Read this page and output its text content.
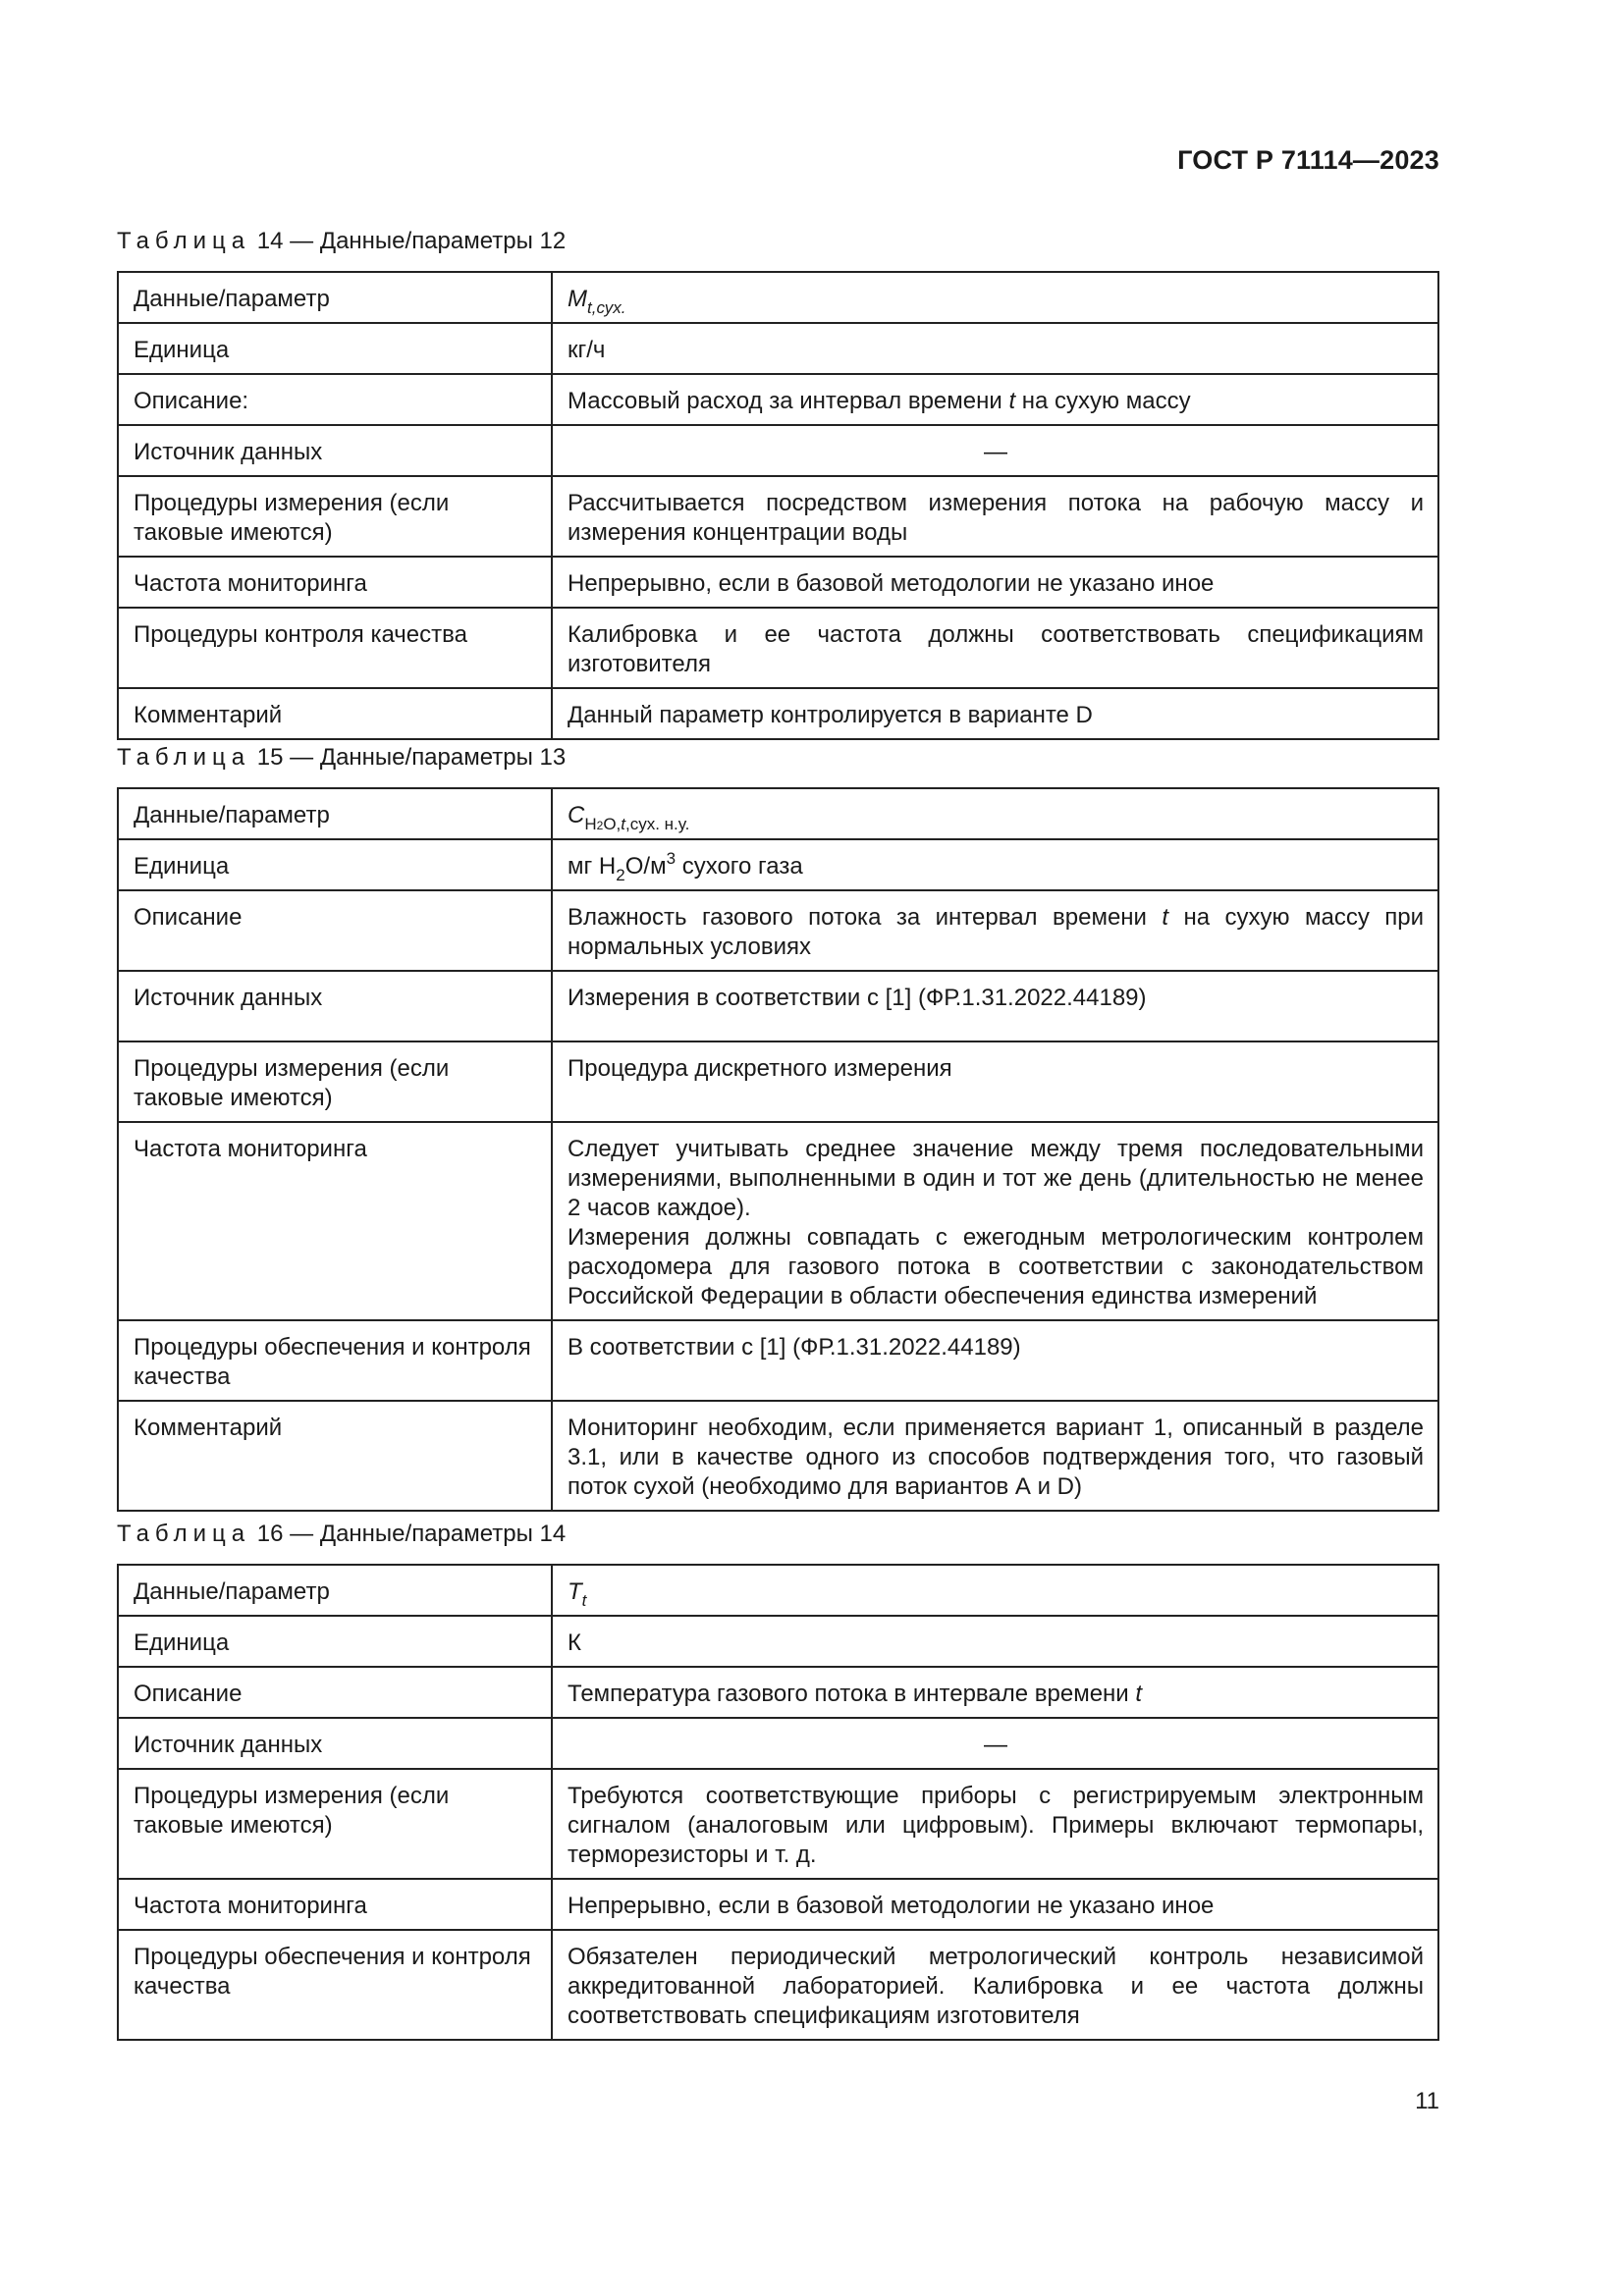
ГОСТ Р 71114—2023
Таблица 14 — Данные/параметры 12
Данные/параметр	$M_{t,сух.}$
Единица	кг/ч
Описание:	Массовый расход за интервал времени t на сухую массу
Источник данных	—
Процедуры измерения (если таковые имеются)	Рассчитывается посредством измерения потока на рабочую массу и измерения концентрации воды
Частота мониторинга	Непрерывно, если в базовой методологии не указано иное
Процедуры контроля качества	Калибровка и ее частота должны соответствовать спецификациям изготовителя
Комментарий	Данный параметр контролируется в варианте D
Таблица 15 — Данные/параметры 13
Данные/параметр	$C_{H2O,t,сух. н.у.}$
Единица	мг $H_2O/м^3$ сухого газа
Описание	Влажность газового потока за интервал времени t на сухую массу при нормальных условиях
Источник данных	Измерения в соответствии с [1] (ФР.1.31.2022.44189)
Процедуры измерения (если таковые имеются)	Процедура дискретного измерения
Частота мониторинга	Следует учитывать среднее значение между тремя последовательными измерениями, выполненными в один и тот же день (длительностью не менее 2 часов каждое).
Измерения должны совпадать с ежегодным метрологическим контролем расходомера для газового потока в соответствии с законодательством Российской Федерации в области обеспечения единства измерений

Процедуры обеспечения и контроля качества	В соответствии с [1] (ФР.1.31.2022.44189)
Комментарий	Мониторинг необходим, если применяется вариант 1, описанный в разделе 3.1, или в качестве одного из способов подтверждения того, что газовый поток сухой (необходимо для вариантов А и D)
Таблица 16 — Данные/параметры 14
Данные/параметр	$T_t$
Единица	К
Описание	Температура газового потока в интервале времени t
Источник данных	—
Процедуры измерения (если таковые имеются)	Требуются соответствующие приборы с регистрируемым электронным сигналом (аналоговым или цифровым). Примеры включают термопары, терморезисторы и т. д.
Частота мониторинга	Непрерывно, если в базовой методологии не указано иное
Процедуры обеспечения и контроля качества	Обязателен периодический метрологический контроль независимой аккредитованной лабораторией. Калибровка и ее частота должны соответствовать спецификациям изготовителя
11
